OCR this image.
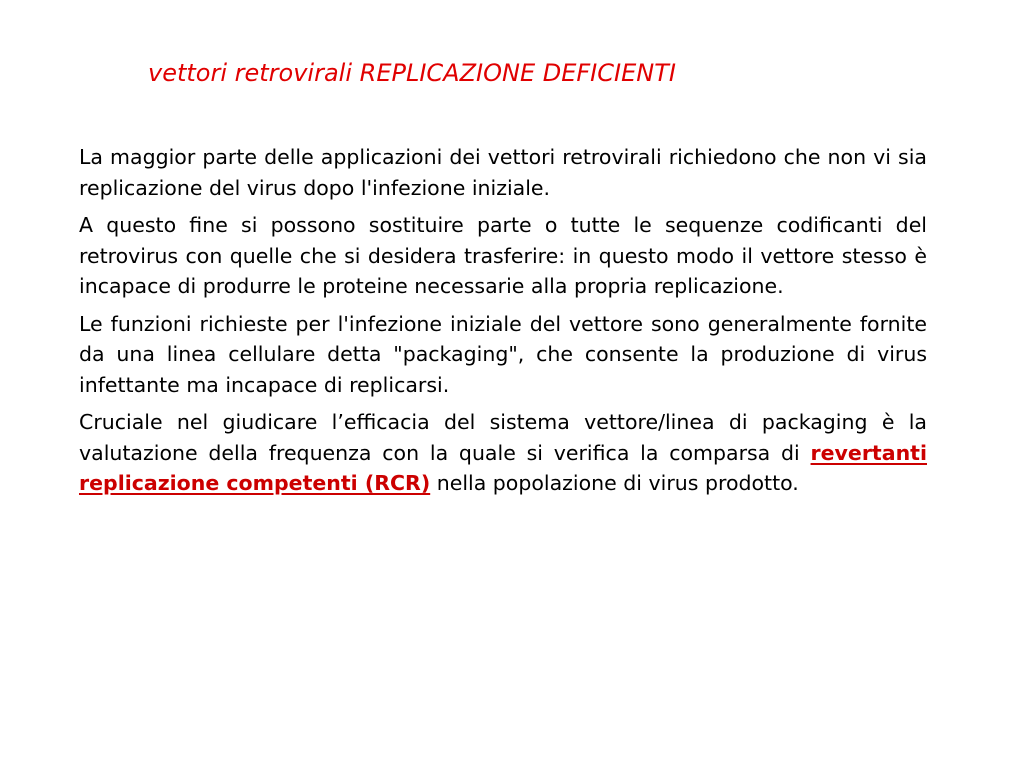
vettori retrovirali REPLICAZIONE DEFICIENTI

La maggior parte delle applicazioni dei vettori retrovirali richiedono che non vi sia replicazione del virus dopo l'infezione iniziale.

A questo fine si possono sostituire parte o tutte le sequenze codificanti del retrovirus con quelle che si desidera trasferire: in questo modo il vettore stesso è incapace di produrre le proteine necessarie alla propria replicazione.

Le funzioni richieste per l'infezione iniziale del vettore sono generalmente fornite da una linea cellulare detta "packaging", che consente la produzione di virus infettante ma incapace di replicarsi.

Cruciale nel giudicare l’efficacia del sistema vettore/linea di packaging è la valutazione della frequenza con la quale si verifica la comparsa di revertanti replicazione competenti (RCR) nella popolazione di virus prodotto.
